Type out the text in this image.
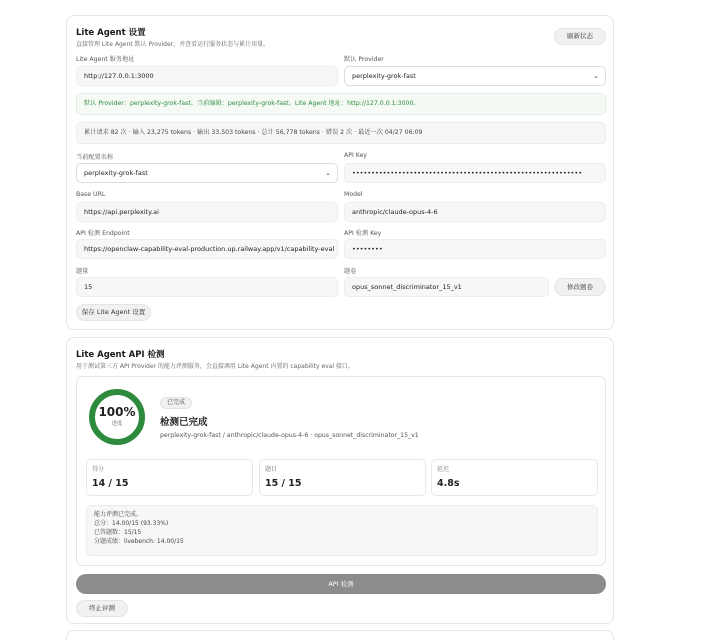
Lite Agent 设置
直接管理 Lite Agent 默认 Provider，并查看运行服务状态与累计用量。
刷新状态
Lite Agent 服务地址
http://127.0.0.1:3000
默认 Provider
perplexity-grok-fast	⌄
默认 Provider：perplexity-grok-fast。当前编辑：perplexity-grok-fast。Lite Agent 地址：http://127.0.0.1:3000。
累计请求 82 次 · 输入 23,275 tokens · 输出 33,503 tokens · 总计 56,778 tokens · 错误 2 次 · 最近一次 04/27 06:09
当前配置名称
perplexity-grok-fast	⌄
API Key
••••••••••••••••••••••••••••••••••••••••••••••••••••••••••••
Base URL
https://api.perplexity.ai
Model
anthropic/claude-opus-4-6
API 检测 Endpoint
https://openclaw-capability-eval-production.up.railway.app/v1/capability-eval
API 检测 Key
••••••••
题量
15
题卷
opus_sonnet_discriminator_15_v1	修改题卷
保存 Lite Agent 设置
Lite Agent API 检测
用于测试第三方 API Provider 的能力评测服务，会直接调用 Lite Agent 内置的 capability eval 接口。
100%
进度
已完成
检测已完成
perplexity-grok-fast / anthropic/claude-opus-4-6 · opus_sonnet_discriminator_15_v1
得分
14 / 15
题目
15 / 15
延迟
4.8s
能力评测已完成。
总分：14.00/15 (93.33%)
已答题数：15/15
分题成绩：livebench: 14.00/15
API 检测
终止评测
